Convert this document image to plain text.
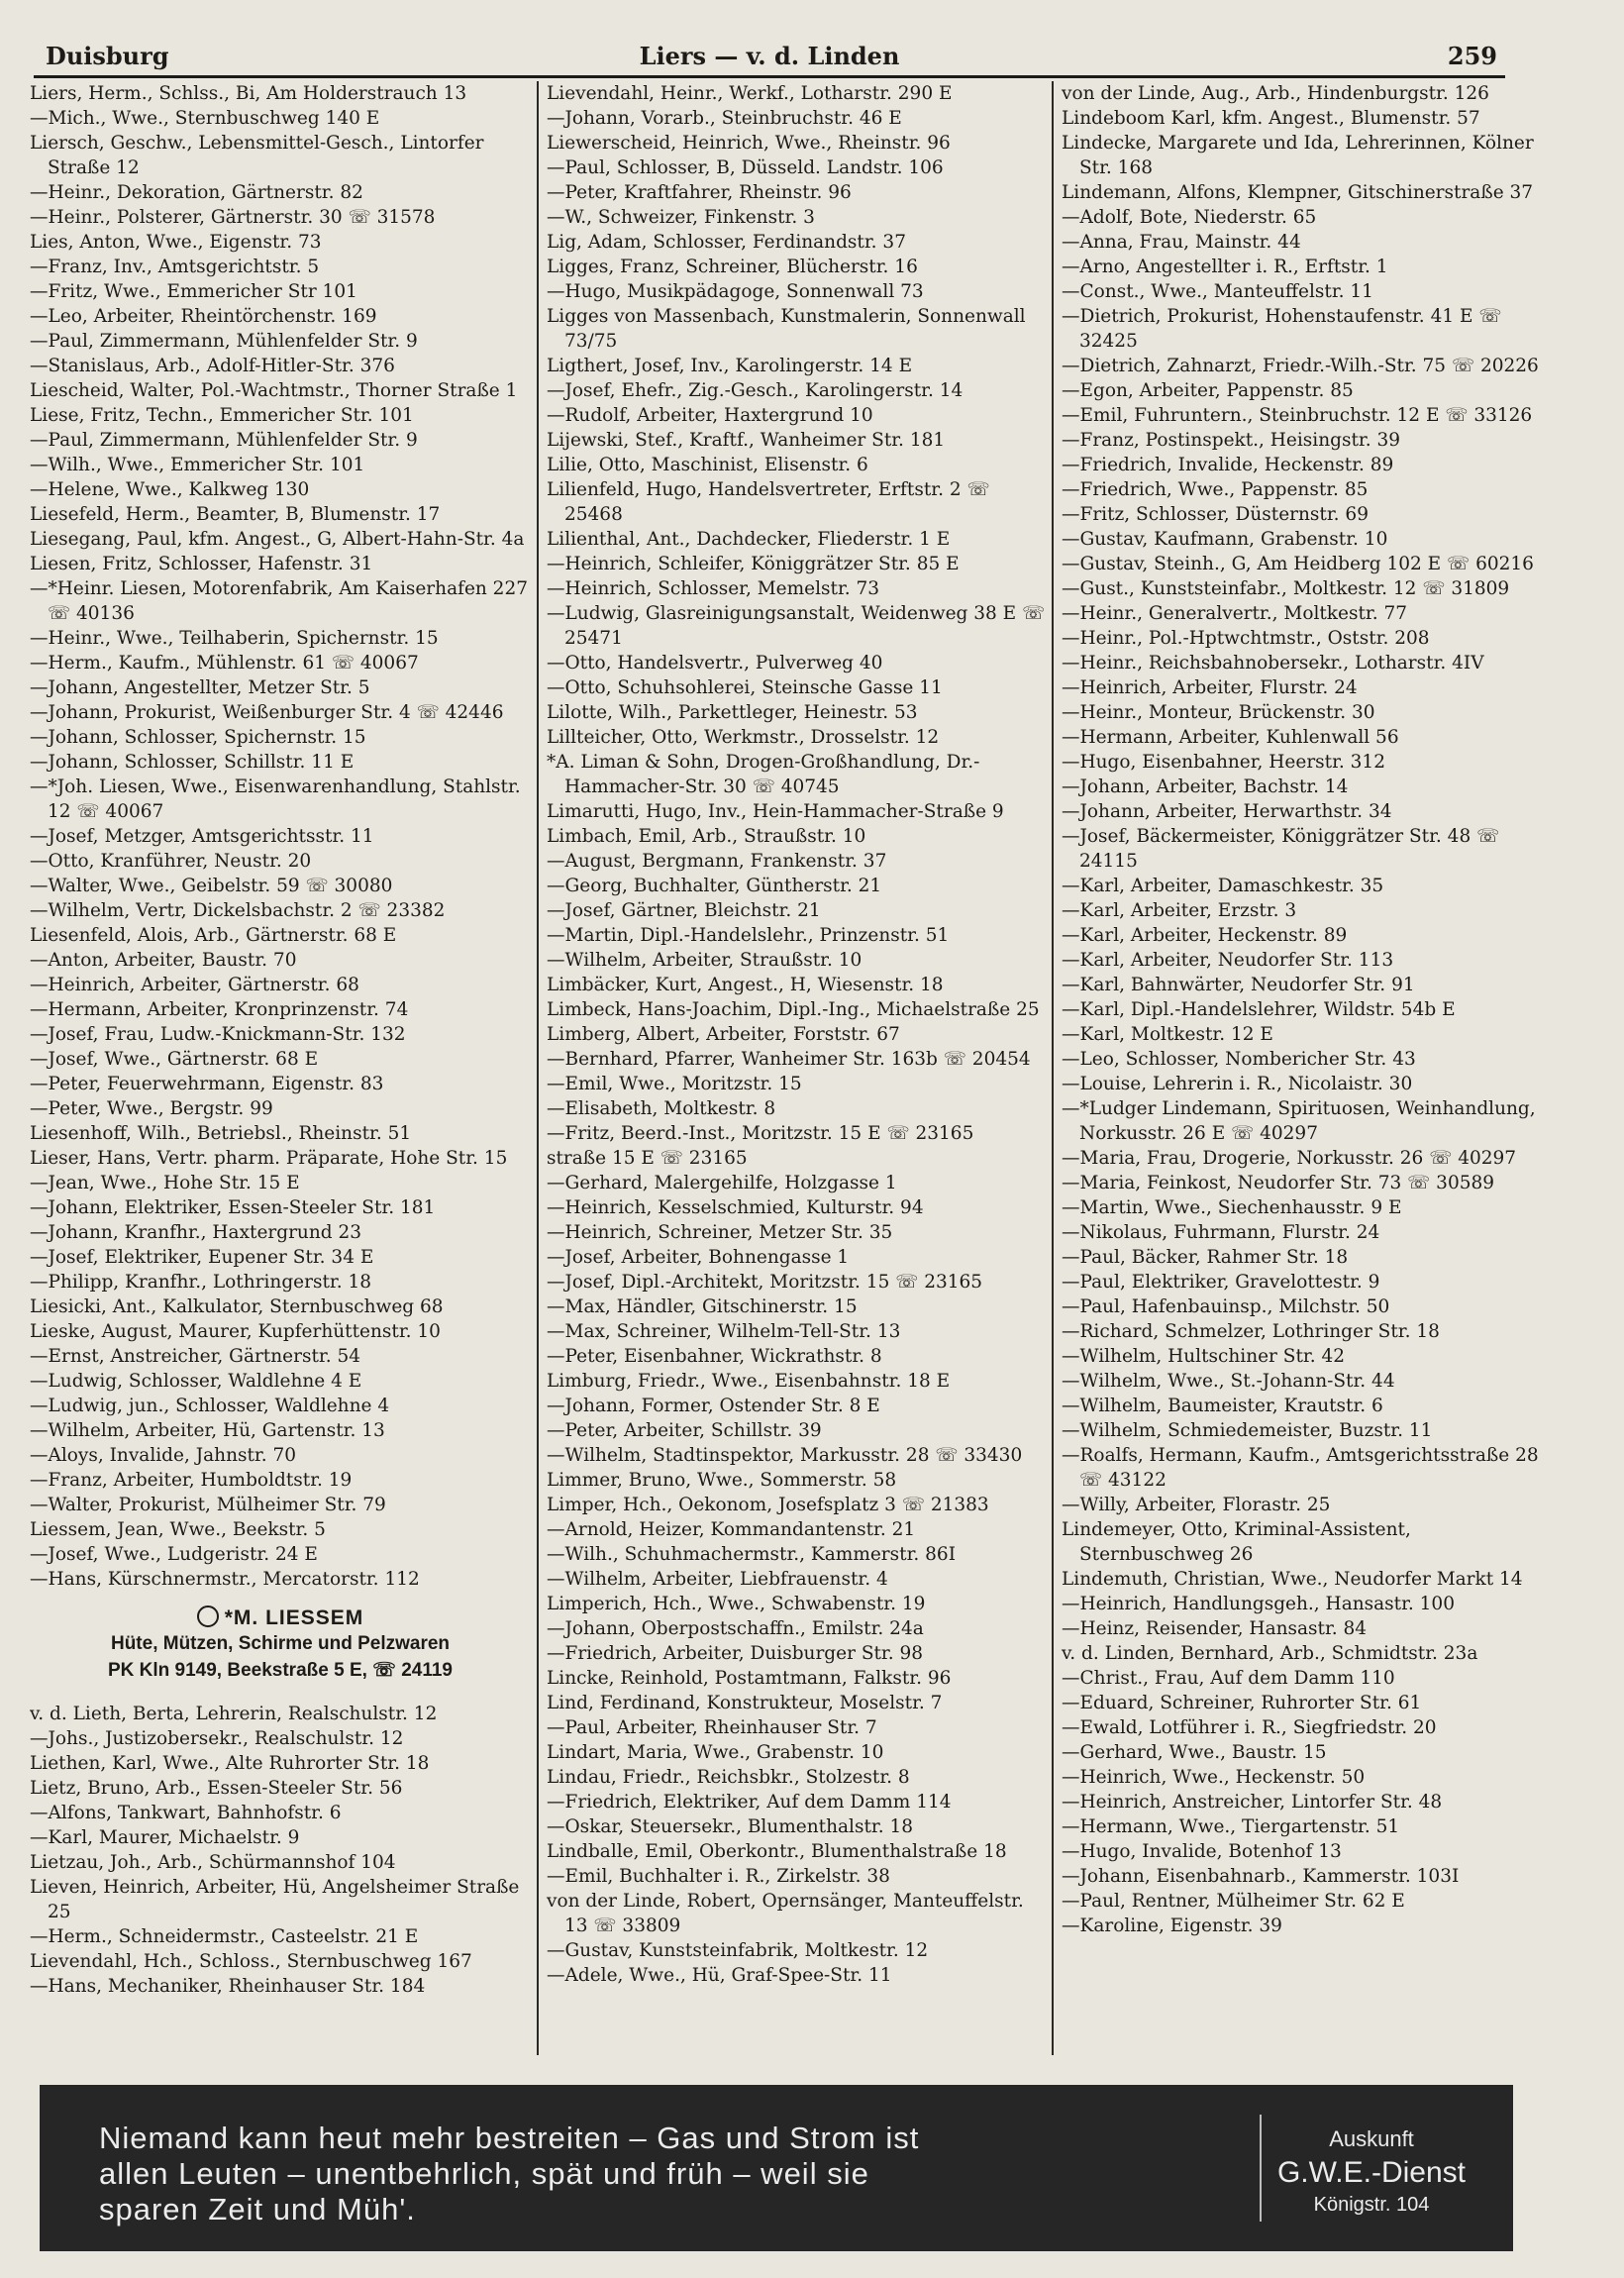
Duisburg	Liers — v. d. Linden	259
Liers, Herm., Schlss., Bi, Am Holderstrauch 13
—Mich., Wwe., Sternbuschweg 140 E
Liersch, Geschw., Lebensmittel-Gesch., Lintorfer Straße 12
—Heinr., Dekoration, Gärtnerstr. 82
—Heinr., Polsterer, Gärtnerstr. 30 ☏ 31578
Lies, Anton, Wwe., Eigenstr. 73
—Franz, Inv., Amtsgerichtstr. 5
—Fritz, Wwe., Emmericher Str 101
—Leo, Arbeiter, Rheintörchenstr. 169
—Paul, Zimmermann, Mühlenfelder Str. 9
—Stanislaus, Arb., Adolf-Hitler-Str. 376
Liescheid, Walter, Pol.-Wachtmstr., Thorner Straße 1
Liese, Fritz, Techn., Emmericher Str. 101
—Paul, Zimmermann, Mühlenfelder Str. 9
—Wilh., Wwe., Emmericher Str. 101
—Helene, Wwe., Kalkweg 130
Liesefeld, Herm., Beamter, B, Blumenstr. 17
Liesegang, Paul, kfm. Angest., G, Albert-Hahn-Str. 4a
Liesen, Fritz, Schlosser, Hafenstr. 31
—*Heinr. Liesen, Motorenfabrik, Am Kaiserhafen 227 ☏ 40136
—Heinr., Wwe., Teilhaberin, Spichernstr. 15
—Herm., Kaufm., Mühlenstr. 61 ☏ 40067
—Johann, Angestellter, Metzer Str. 5
—Johann, Prokurist, Weißenburger Str. 4 ☏ 42446
—Johann, Schlosser, Spichernstr. 15
—Johann, Schlosser, Schillstr. 11 E
—*Joh. Liesen, Wwe., Eisenwarenhandlung, Stahlstr. 12 ☏ 40067
—Josef, Metzger, Amtsgerichtsstr. 11
—Otto, Kranführer, Neustr. 20
—Walter, Wwe., Geibelstr. 59 ☏ 30080
—Wilhelm, Vertr, Dickelsbachstr. 2 ☏ 23382
Liesenfeld, Alois, Arb., Gärtnerstr. 68 E
—Anton, Arbeiter, Baustr. 70
—Heinrich, Arbeiter, Gärtnerstr. 68
—Hermann, Arbeiter, Kronprinzenstr. 74
—Josef, Frau, Ludw.-Knickmann-Str. 132
—Josef, Wwe., Gärtnerstr. 68 E
—Peter, Feuerwehrmann, Eigenstr. 83
—Peter, Wwe., Bergstr. 99
Liesenhoff, Wilh., Betriebsl., Rheinstr. 51
Lieser, Hans, Vertr. pharm. Präparate, Hohe Str. 15
—Jean, Wwe., Hohe Str. 15 E
—Johann, Elektriker, Essen-Steeler Str. 181
—Johann, Kranfhr., Haxtergrund 23
—Josef, Elektriker, Eupener Str. 34 E
—Philipp, Kranfhr., Lothringerstr. 18
Liesicki, Ant., Kalkulator, Sternbuschweg 68
Lieske, August, Maurer, Kupferhüttenstr. 10
—Ernst, Anstreicher, Gärtnerstr. 54
—Ludwig, Schlosser, Waldlehne 4 E
—Ludwig, jun., Schlosser, Waldlehne 4
—Wilhelm, Arbeiter, Hü, Gartenstr. 13
—Aloys, Invalide, Jahnstr. 70
—Franz, Arbeiter, Humboldtstr. 19
—Walter, Prokurist, Mülheimer Str. 79
Liessem, Jean, Wwe., Beekstr. 5
—Josef, Wwe., Ludgeristr. 24 E
—Hans, Kürschnermstr., Mercatorstr. 112
*M. LIESSEM
Hüte, Mützen, Schirme und Pelzwaren
PK Kln 9149, Beekstraße 5 E, ☏ 24119
v. d. Lieth, Berta, Lehrerin, Realschulstr. 12
—Johs., Justizobersekr., Realschulstr. 12
Liethen, Karl, Wwe., Alte Ruhrorter Str. 18
Lietz, Bruno, Arb., Essen-Steeler Str. 56
—Alfons, Tankwart, Bahnhofstr. 6
—Karl, Maurer, Michaelstr. 9
Lietzau, Joh., Arb., Schürmannshof 104
Lieven, Heinrich, Arbeiter, Hü, Angelsheimer Straße 25
—Herm., Schneidermstr., Casteelstr. 21 E
Lievendahl, Hch., Schloss., Sternbuschweg 167
—Hans, Mechaniker, Rheinhauser Str. 184
Lievendahl, Heinr., Werkf., Lotharstr. 290 E
—Johann, Vorarb., Steinbruchstr. 46 E
Liewerscheid, Heinrich, Wwe., Rheinstr. 96
—Paul, Schlosser, B, Düsseld. Landstr. 106
—Peter, Kraftfahrer, Rheinstr. 96
—W., Schweizer, Finkenstr. 3
Lig, Adam, Schlosser, Ferdinandstr. 37
Ligges, Franz, Schreiner, Blücherstr. 16
—Hugo, Musikpädagoge, Sonnenwall 73
Ligges von Massenbach, Kunstmalerin, Sonnenwall 73/75
Ligthert, Josef, Inv., Karolingerstr. 14 E
—Josef, Ehefr., Zig.-Gesch., Karolingerstr. 14
—Rudolf, Arbeiter, Haxtergrund 10
Lijewski, Stef., Kraftf., Wanheimer Str. 181
Lilie, Otto, Maschinist, Elisenstr. 6
Lilienfeld, Hugo, Handelsvertreter, Erftstr. 2 ☏ 25468
Lilienthal, Ant., Dachdecker, Fliederstr. 1 E
—Heinrich, Schleifer, Königgrätzer Str. 85 E
—Heinrich, Schlosser, Memelstr. 73
—Ludwig, Glasreinigungsanstalt, Weidenweg 38 E ☏ 25471
—Otto, Handelsvertr., Pulverweg 40
—Otto, Schuhsohlerei, Steinsche Gasse 11
Lilotte, Wilh., Parkettleger, Heinestr. 53
Lillteicher, Otto, Werkmstr., Drosselstr. 12
*A. Liman & Sohn, Drogen-Großhandlung, Dr.-Hammacher-Str. 30 ☏ 40745
Limarutti, Hugo, Inv., Hein-Hammacher-Straße 9
Limbach, Emil, Arb., Straußstr. 10
—August, Bergmann, Frankenstr. 37
—Georg, Buchhalter, Güntherstr. 21
—Josef, Gärtner, Bleichstr. 21
—Martin, Dipl.-Handelslehr., Prinzenstr. 51
—Wilhelm, Arbeiter, Straußstr. 10
Limbäcker, Kurt, Angest., H, Wiesenstr. 18
Limbeck, Hans-Joachim, Dipl.-Ing., Michaelstraße 25
Limberg, Albert, Arbeiter, Forststr. 67
—Bernhard, Pfarrer, Wanheimer Str. 163b ☏ 20454
—Emil, Wwe., Moritzstr. 15
—Elisabeth, Moltkestr. 8
—Fritz, Beerd.-Inst., Moritzstr. 15 E ☏ 23165
straße 15 E ☏ 23165
—Gerhard, Malergehilfe, Holzgasse 1
—Heinrich, Kesselschmied, Kulturstr. 94
—Heinrich, Schreiner, Metzer Str. 35
—Josef, Arbeiter, Bohnengasse 1
—Josef, Dipl.-Architekt, Moritzstr. 15 ☏ 23165
—Max, Händler, Gitschinerstr. 15
—Max, Schreiner, Wilhelm-Tell-Str. 13
—Peter, Eisenbahner, Wickrathstr. 8
Limburg, Friedr., Wwe., Eisenbahnstr. 18 E
—Johann, Former, Ostender Str. 8 E
—Peter, Arbeiter, Schillstr. 39
—Wilhelm, Stadtinspektor, Markusstr. 28 ☏ 33430
Limmer, Bruno, Wwe., Sommerstr. 58
Limper, Hch., Oekonom, Josefsplatz 3 ☏ 21383
—Arnold, Heizer, Kommandantenstr. 21
—Wilh., Schuhmachermstr., Kammerstr. 86I
—Wilhelm, Arbeiter, Liebfrauenstr. 4
Limperich, Hch., Wwe., Schwabenstr. 19
—Johann, Oberpostschaffn., Emilstr. 24a
—Friedrich, Arbeiter, Duisburger Str. 98
Lincke, Reinhold, Postamtmann, Falkstr. 96
Lind, Ferdinand, Konstrukteur, Moselstr. 7
—Paul, Arbeiter, Rheinhauser Str. 7
Lindart, Maria, Wwe., Grabenstr. 10
Lindau, Friedr., Reichsbkr., Stolzestr. 8
—Friedrich, Elektriker, Auf dem Damm 114
—Oskar, Steuersekr., Blumenthalstr. 18
Lindballe, Emil, Oberkontr., Blumenthalstraße 18
—Emil, Buchhalter i. R., Zirkelstr. 38
von der Linde, Robert, Opernsänger, Manteuffelstr. 13 ☏ 33809
—Gustav, Kunststeinfabrik, Moltkestr. 12
—Adele, Wwe., Hü, Graf-Spee-Str. 11
von der Linde, Aug., Arb., Hindenburgstr. 126
Lindeboom Karl, kfm. Angest., Blumenstr. 57
Lindecke, Margarete und Ida, Lehrerinnen, Kölner Str. 168
Lindemann, Alfons, Klempner, Gitschinerstraße 37
—Adolf, Bote, Niederstr. 65
—Anna, Frau, Mainstr. 44
—Arno, Angestellter i. R., Erftstr. 1
—Const., Wwe., Manteuffelstr. 11
—Dietrich, Prokurist, Hohenstaufenstr. 41 E ☏ 32425
—Dietrich, Zahnarzt, Friedr.-Wilh.-Str. 75 ☏ 20226
—Egon, Arbeiter, Pappenstr. 85
—Emil, Fuhruntern., Steinbruchstr. 12 E ☏ 33126
—Franz, Postinspekt., Heisingstr. 39
—Friedrich, Invalide, Heckenstr. 89
—Friedrich, Wwe., Pappenstr. 85
—Fritz, Schlosser, Düsternstr. 69
—Gustav, Kaufmann, Grabenstr. 10
—Gustav, Steinh., G, Am Heidberg 102 E ☏ 60216
—Gust., Kunststeinfabr., Moltkestr. 12 ☏ 31809
—Heinr., Generalvertr., Moltkestr. 77
—Heinr., Pol.-Hptwchtmstr., Oststr. 208
—Heinr., Reichsbahnobersekr., Lotharstr. 4IV
—Heinrich, Arbeiter, Flurstr. 24
—Heinr., Monteur, Brückenstr. 30
—Hermann, Arbeiter, Kuhlenwall 56
—Hugo, Eisenbahner, Heerstr. 312
—Johann, Arbeiter, Bachstr. 14
—Johann, Arbeiter, Herwarthstr. 34
—Josef, Bäckermeister, Königgrätzer Str. 48 ☏ 24115
—Karl, Arbeiter, Damaschkestr. 35
—Karl, Arbeiter, Erzstr. 3
—Karl, Arbeiter, Heckenstr. 89
—Karl, Arbeiter, Neudorfer Str. 113
—Karl, Bahnwärter, Neudorfer Str. 91
—Karl, Dipl.-Handelslehrer, Wildstr. 54b E
—Karl, Moltkestr. 12 E
—Leo, Schlosser, Nombericher Str. 43
—Louise, Lehrerin i. R., Nicolaistr. 30
—*Ludger Lindemann, Spirituosen, Weinhandlung, Norkusstr. 26 E ☏ 40297
—Maria, Frau, Drogerie, Norkusstr. 26 ☏ 40297
—Maria, Feinkost, Neudorfer Str. 73 ☏ 30589
—Martin, Wwe., Siechenhausstr. 9 E
—Nikolaus, Fuhrmann, Flurstr. 24
—Paul, Bäcker, Rahmer Str. 18
—Paul, Elektriker, Gravelottestr. 9
—Paul, Hafenbauinsp., Milchstr. 50
—Richard, Schmelzer, Lothringer Str. 18
—Wilhelm, Hultschiner Str. 42
—Wilhelm, Wwe., St.-Johann-Str. 44
—Wilhelm, Baumeister, Krautstr. 6
—Wilhelm, Schmiedemeister, Buzstr. 11
—Roalfs, Hermann, Kaufm., Amtsgerichtsstraße 28 ☏ 43122
—Willy, Arbeiter, Florastr. 25
Lindemeyer, Otto, Kriminal-Assistent, Sternbuschweg 26
Lindemuth, Christian, Wwe., Neudorfer Markt 14
—Heinrich, Handlungsgeh., Hansastr. 100
—Heinz, Reisender, Hansastr. 84
v. d. Linden, Bernhard, Arb., Schmidtstr. 23a
—Christ., Frau, Auf dem Damm 110
—Eduard, Schreiner, Ruhrorter Str. 61
—Ewald, Lotführer i. R., Siegfriedstr. 20
—Gerhard, Wwe., Baustr. 15
—Heinrich, Wwe., Heckenstr. 50
—Heinrich, Anstreicher, Lintorfer Str. 48
—Hermann, Wwe., Tiergartenstr. 51
—Hugo, Invalide, Botenhof 13
—Johann, Eisenbahnarb., Kammerstr. 103I
—Paul, Rentner, Mülheimer Str. 62 E
—Karoline, Eigenstr. 39
Niemand kann heut mehr bestreiten – Gas und Strom ist
allen Leuten – unentbehrlich, spät und früh – weil sie
sparen Zeit und Müh'.
Auskunft
G.W.E.-Dienst
Königstr. 104
